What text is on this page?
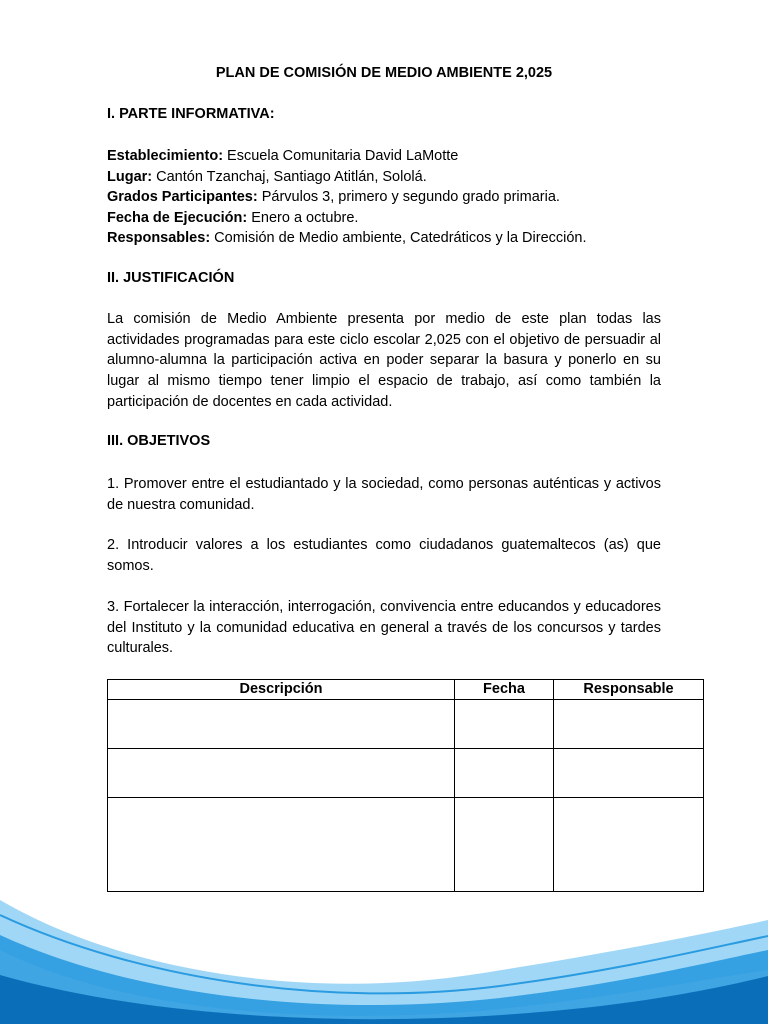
PLAN DE COMISIÓN DE MEDIO AMBIENTE 2,025
I. PARTE INFORMATIVA:
Establecimiento: Escuela Comunitaria David LaMotte
Lugar: Cantón Tzanchaj, Santiago Atitlán, Sololá.
Grados Participantes: Párvulos 3, primero y segundo grado primaria.
Fecha de Ejecución: Enero a octubre.
Responsables: Comisión de Medio ambiente, Catedráticos y la Dirección.
II. JUSTIFICACIÓN
La comisión de Medio Ambiente presenta por medio de este plan todas las actividades programadas para este ciclo escolar 2,025 con el objetivo de persuadir al alumno-alumna la participación activa en poder separar la basura y ponerlo en su lugar al mismo tiempo tener limpio el espacio de trabajo, así como también la participación de docentes en cada actividad.
III. OBJETIVOS
1. Promover entre el estudiantado y la sociedad, como personas auténticas y activos de nuestra comunidad.
2. Introducir valores a los estudiantes como ciudadanos guatemaltecos (as) que somos.
3. Fortalecer la interacción, interrogación, convivencia entre educandos y educadores del Instituto y la comunidad educativa en general a través de los concursos y tardes culturales.
Descripción	Fecha	Responsable
